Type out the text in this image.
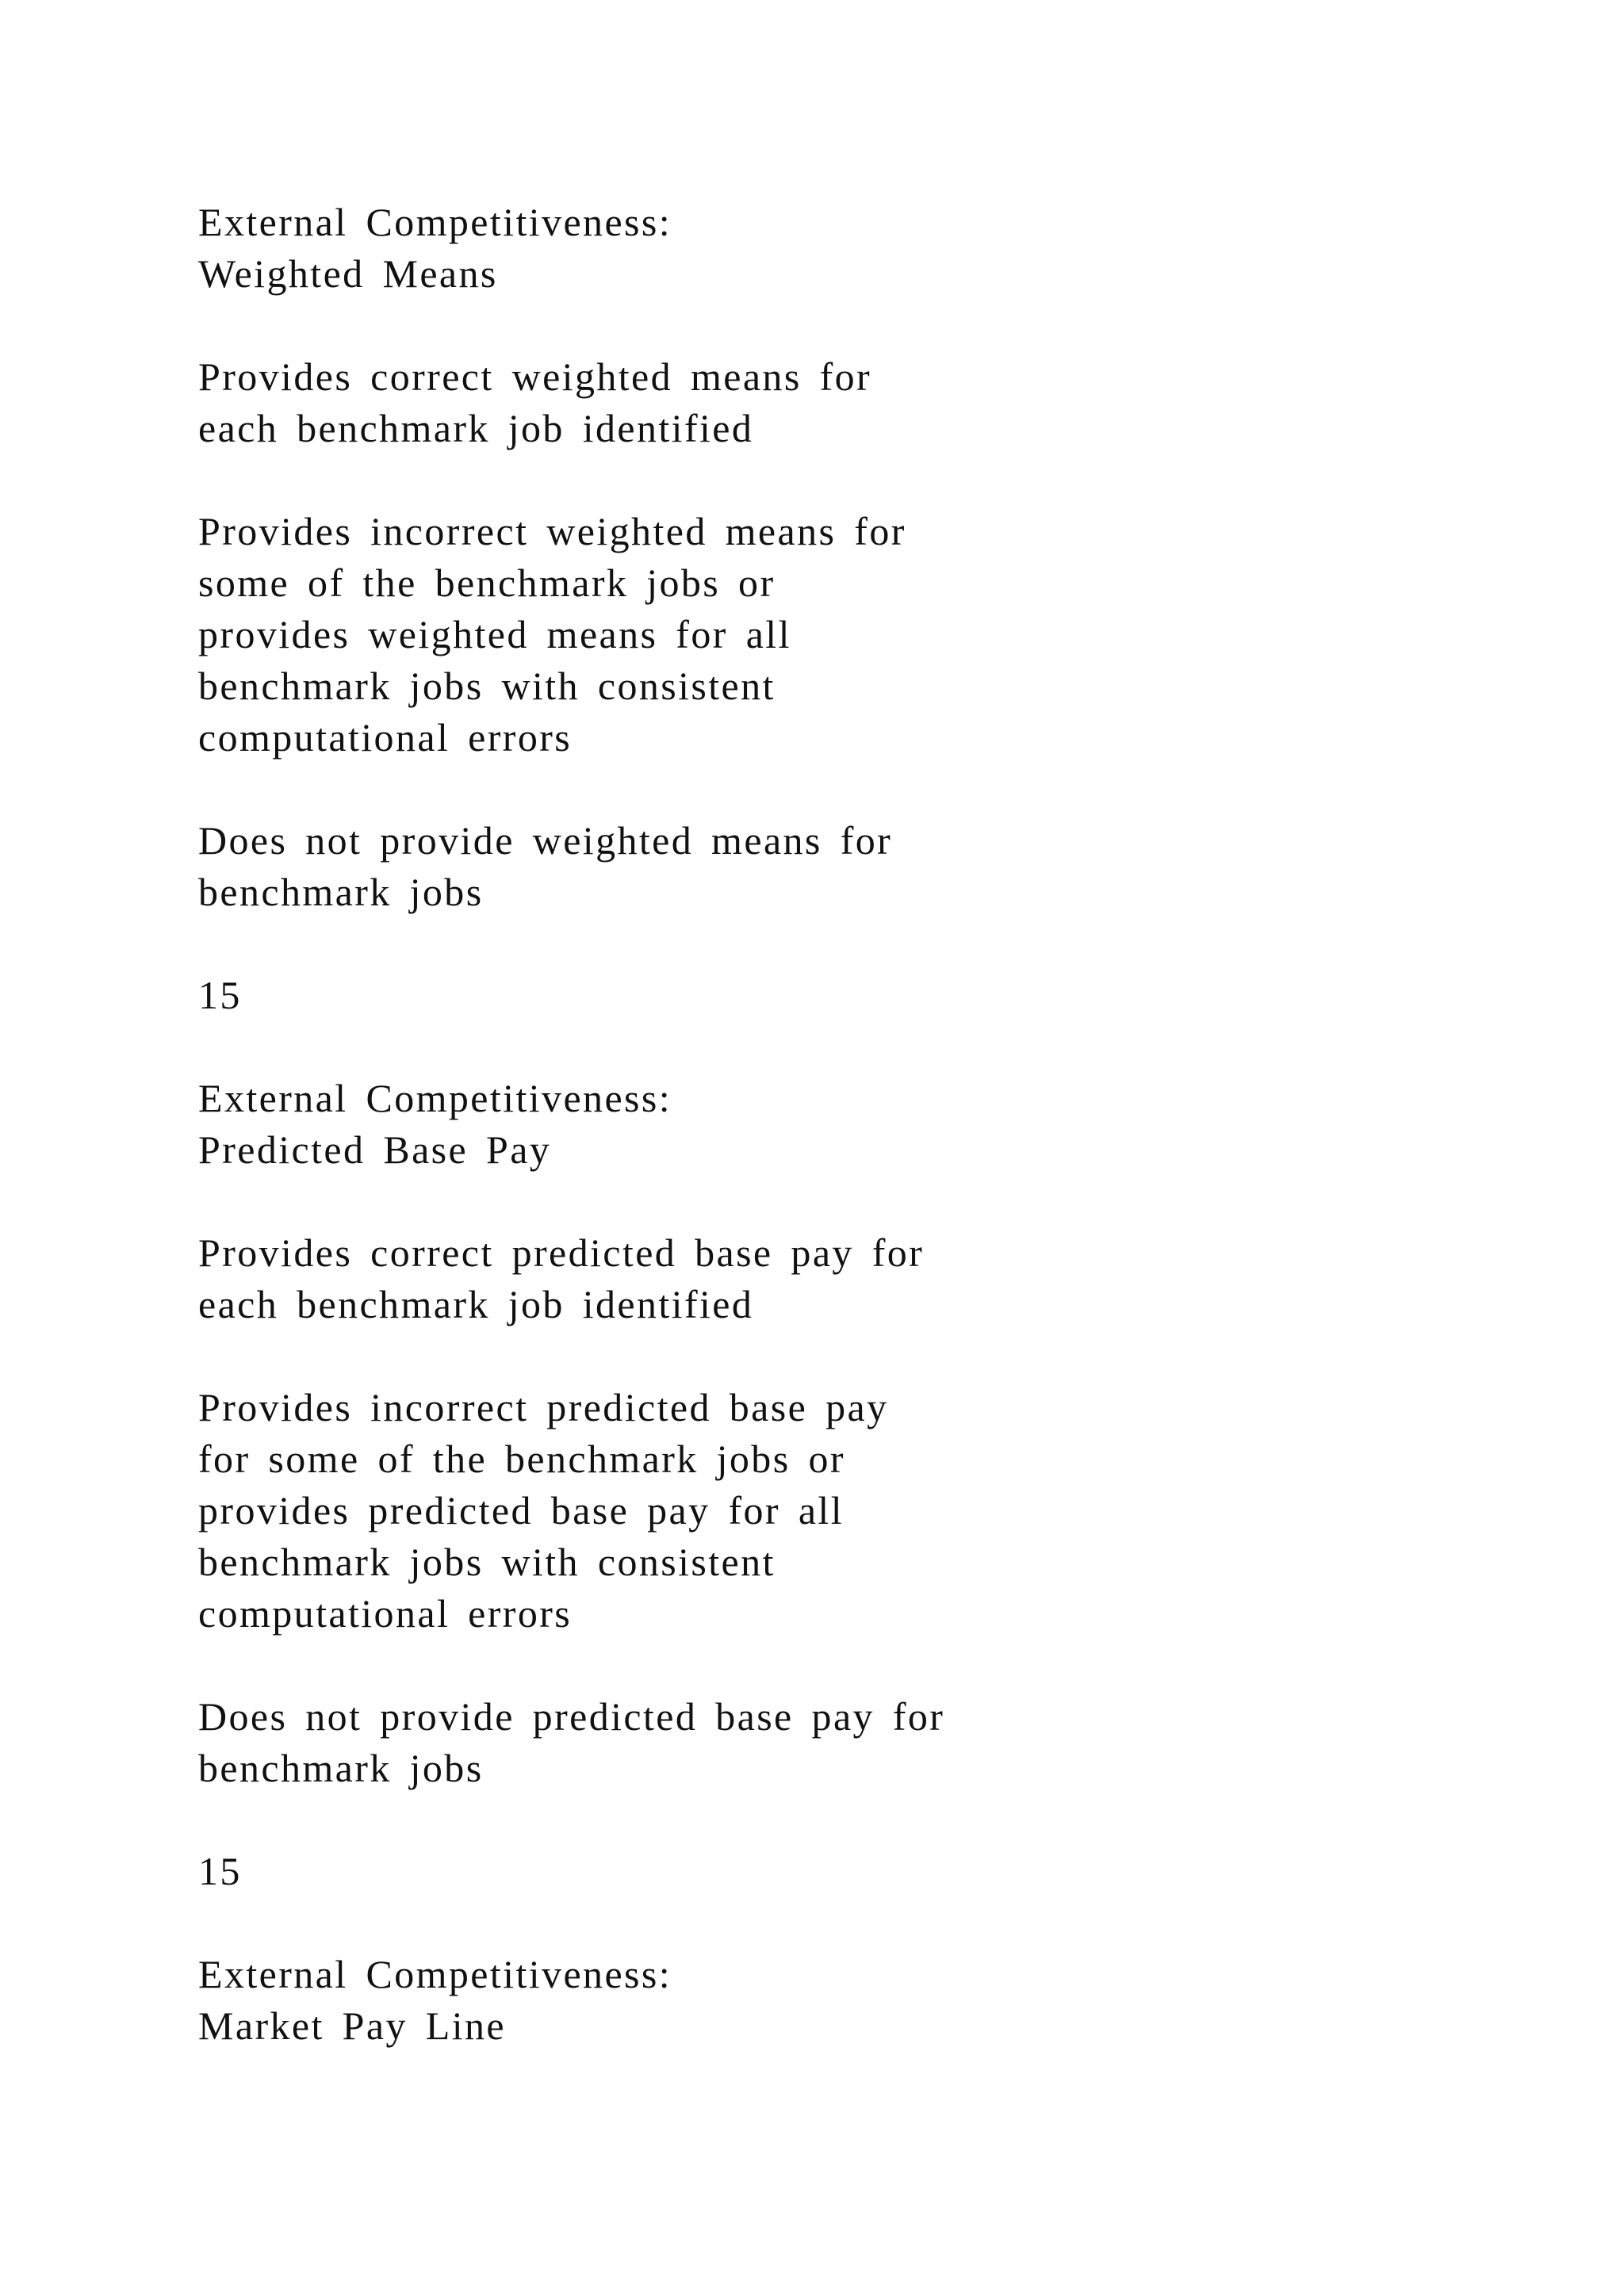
External Competitiveness:
Weighted Means
Provides correct weighted means for
each benchmark job identified
Provides incorrect weighted means for
some of the benchmark jobs or
provides weighted means for all
benchmark jobs with consistent
computational errors
Does not provide weighted means for
benchmark jobs
15
External Competitiveness:
Predicted Base Pay
Provides correct predicted base pay for
each benchmark job identified
Provides incorrect predicted base pay
for some of the benchmark jobs or
provides predicted base pay for all
benchmark jobs with consistent
computational errors
Does not provide predicted base pay for
benchmark jobs
15
External Competitiveness:
Market Pay Line
